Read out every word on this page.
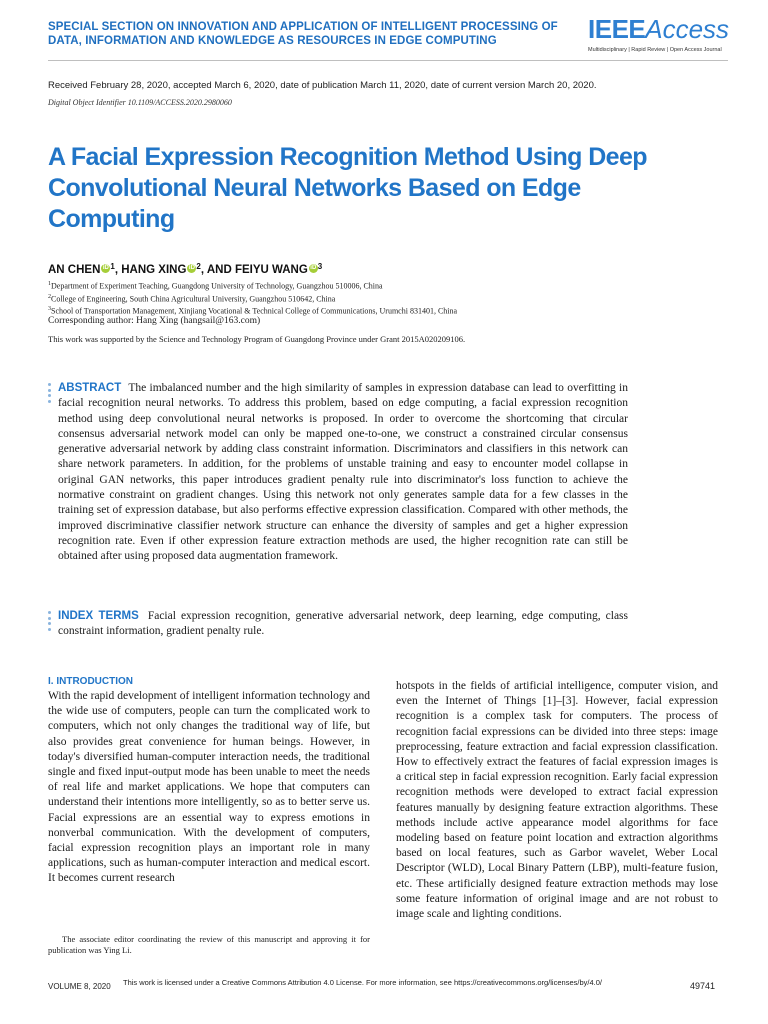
SPECIAL SECTION ON INNOVATION AND APPLICATION OF INTELLIGENT PROCESSING OF DATA, INFORMATION AND KNOWLEDGE AS RESOURCES IN EDGE COMPUTING	IEEEAccess
Multidisciplinary | Rapid Review | Open Access Journal
Received February 28, 2020, accepted March 6, 2020, date of publication March 11, 2020, date of current version March 20, 2020.
Digital Object Identifier 10.1109/ACCESS.2020.2980060
A Facial Expression Recognition Method Using Deep Convolutional Neural Networks Based on Edge Computing
AN CHEN iD $^1$, HANG XING iD $^2$, AND FEIYU WANG iD $^3$
$^1$Department of Experiment Teaching, Guangdong University of Technology, Guangzhou 510006, China
$^2$College of Engineering, South China Agricultural University, Guangzhou 510642, China
$^3$School of Transportation Management, Xinjiang Vocational & Technical College of Communications, Urumchi 831401, China
Corresponding author: Hang Xing (hangsail@163.com)
This work was supported by the Science and Technology Program of Guangdong Province under Grant 2015A020209106.
ABSTRACT The imbalanced number and the high similarity of samples in expression database can lead to overfitting in facial recognition neural networks. To address this problem, based on edge computing, a facial expression recognition method using deep convolutional neural networks is proposed. In order to overcome the shortcoming that circular consensus adversarial network model can only be mapped one-to-one, we construct a constrained circular consensus generative adversarial network by adding class constraint information. Discriminators and classifiers in this network can share network parameters. In addition, for the problems of unstable training and easy to encounter model collapse in original GAN networks, this paper introduces gradient penalty rule into discriminator's loss function to achieve the normative constraint on gradient changes. Using this network not only generates sample data for a few classes in the training set of expression database, but also performs effective expression classification. Compared with other methods, the improved discriminative classifier network structure can enhance the diversity of samples and get a higher expression recognition rate. Even if other expression feature extraction methods are used, the higher recognition rate can still be obtained after using proposed data augmentation framework.
INDEX TERMS Facial expression recognition, generative adversarial network, deep learning, edge computing, class constraint information, gradient penalty rule.
I. INTRODUCTION
With the rapid development of intelligent information technology and the wide use of computers, people can turn the complicated work to computers, which not only changes the traditional way of life, but also provides great convenience for human beings. However, in today's diversified human-computer interaction needs, the traditional single and fixed input-output mode has been unable to meet the needs of real life and market applications. We hope that computers can understand their intentions more intelligently, so as to better serve us. Facial expressions are an essential way to express emotions in nonverbal communication. With the development of computers, facial expression recognition plays an important role in many applications, such as human-computer interaction and medical escort. It becomes current research
hotspots in the fields of artificial intelligence, computer vision, and even the Internet of Things [1]–[3]. However, facial expression recognition is a complex task for computers. The process of recognition facial expressions can be divided into three steps: image preprocessing, feature extraction and facial expression classification. How to effectively extract the features of facial expression images is a critical step in facial expression recognition. Early facial expression recognition methods were developed to extract facial expression features manually by designing feature extraction algorithms. These methods include active appearance model algorithms for face modeling based on feature point location and extraction algorithms based on local features, such as Garbor wavelet, Weber Local Descriptor (WLD), Local Binary Pattern (LBP), multi-feature fusion, etc. These artificially designed feature extraction methods may lose some feature information of original image and are not robust to image scale and lighting conditions.
The associate editor coordinating the review of this manuscript and approving it for publication was Ying Li.
VOLUME 8, 2020 This work is licensed under a Creative Commons Attribution 4.0 License. For more information, see https://creativecommons.org/licenses/by/4.0/	49741
